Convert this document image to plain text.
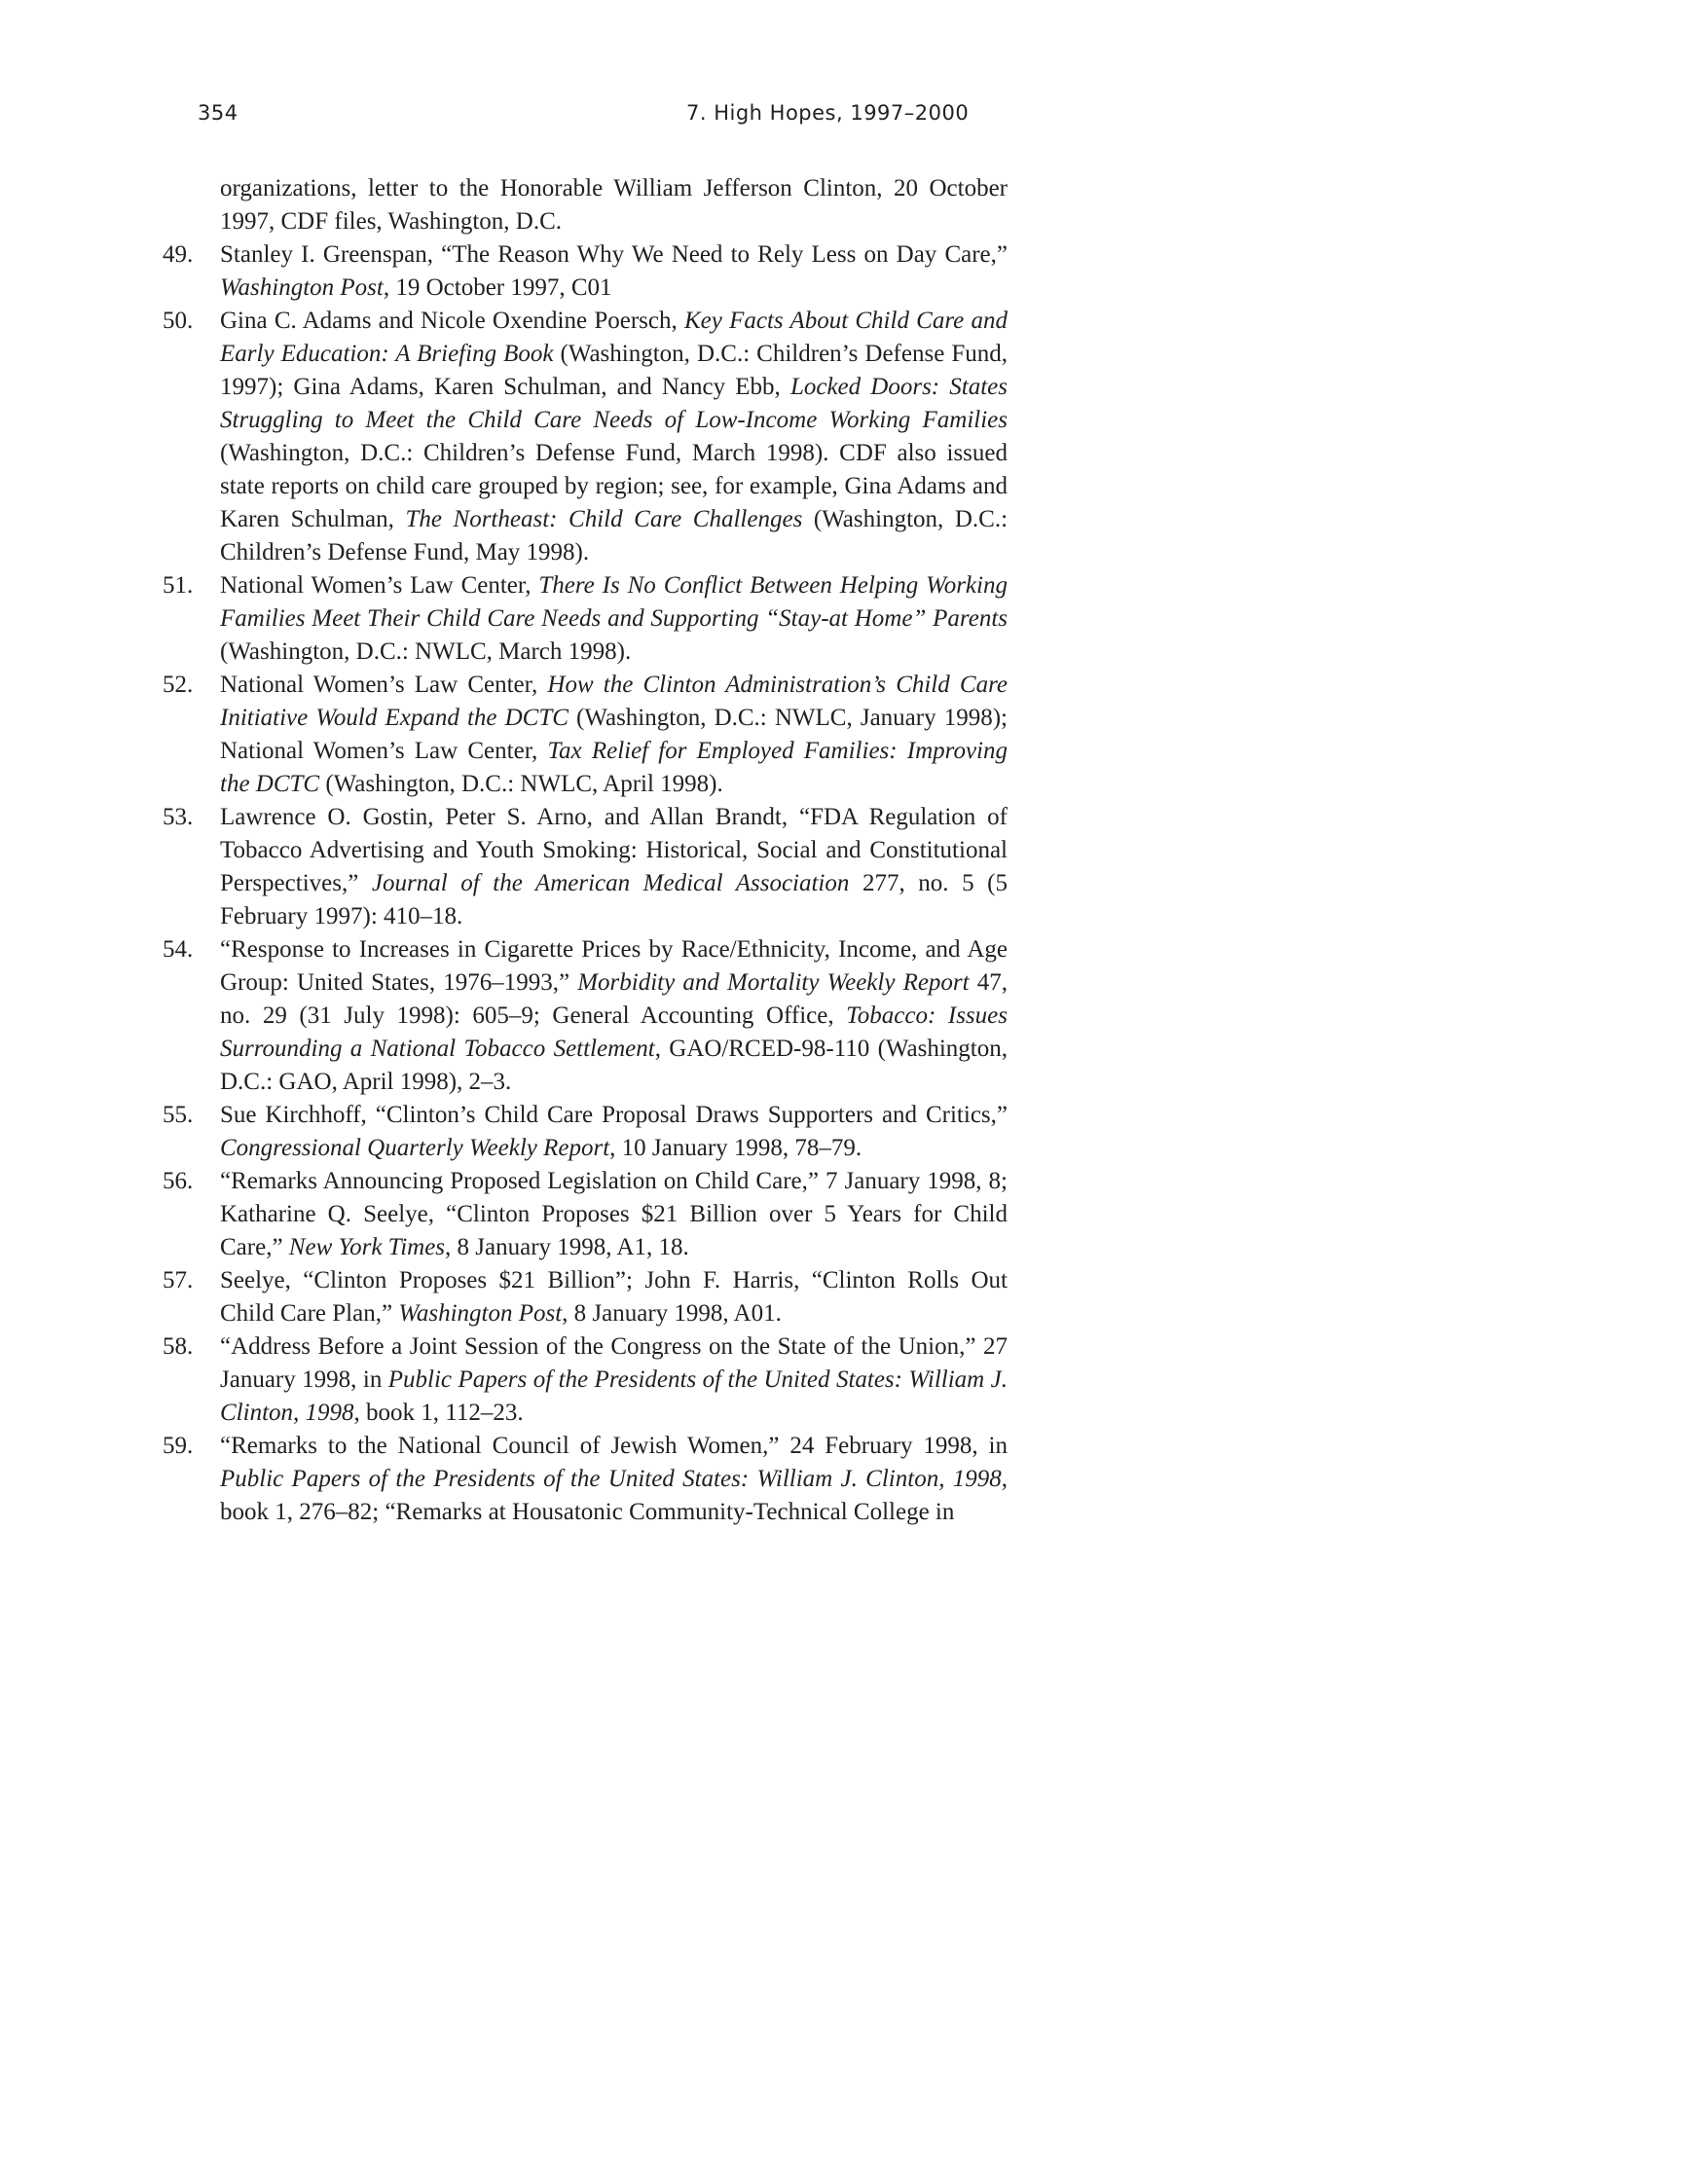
354	7. High Hopes, 1997–2000
organizations, letter to the Honorable William Jefferson Clinton, 20 October 1997, CDF files, Washington, D.C.
49. Stanley I. Greenspan, “The Reason Why We Need to Rely Less on Day Care,” Washington Post, 19 October 1997, C01
50. Gina C. Adams and Nicole Oxendine Poersch, Key Facts About Child Care and Early Education: A Briefing Book (Washington, D.C.: Children’s Defense Fund, 1997); Gina Adams, Karen Schulman, and Nancy Ebb, Locked Doors: States Struggling to Meet the Child Care Needs of Low-Income Working Families (Washington, D.C.: Children’s Defense Fund, March 1998). CDF also issued state reports on child care grouped by region; see, for example, Gina Adams and Karen Schulman, The Northeast: Child Care Challenges (Washington, D.C.: Children’s Defense Fund, May 1998).
51. National Women’s Law Center, There Is No Conflict Between Helping Working Families Meet Their Child Care Needs and Supporting “Stay-at Home” Parents (Washington, D.C.: NWLC, March 1998).
52. National Women’s Law Center, How the Clinton Administration’s Child Care Initiative Would Expand the DCTC (Washington, D.C.: NWLC, January 1998); National Women’s Law Center, Tax Relief for Employed Families: Improving the DCTC (Washington, D.C.: NWLC, April 1998).
53. Lawrence O. Gostin, Peter S. Arno, and Allan Brandt, “FDA Regulation of Tobacco Advertising and Youth Smoking: Historical, Social and Constitutional Perspectives,” Journal of the American Medical Association 277, no. 5 (5 February 1997): 410–18.
54. “Response to Increases in Cigarette Prices by Race/Ethnicity, Income, and Age Group: United States, 1976–1993,” Morbidity and Mortality Weekly Report 47, no. 29 (31 July 1998): 605–9; General Accounting Office, Tobacco: Issues Surrounding a National Tobacco Settlement, GAO/RCED-98-110 (Washington, D.C.: GAO, April 1998), 2–3.
55. Sue Kirchhoff, “Clinton’s Child Care Proposal Draws Supporters and Critics,” Congressional Quarterly Weekly Report, 10 January 1998, 78–79.
56. “Remarks Announcing Proposed Legislation on Child Care,” 7 January 1998, 8; Katharine Q. Seelye, “Clinton Proposes $21 Billion over 5 Years for Child Care,” New York Times, 8 January 1998, A1, 18.
57. Seelye, “Clinton Proposes $21 Billion”; John F. Harris, “Clinton Rolls Out Child Care Plan,” Washington Post, 8 January 1998, A01.
58. “Address Before a Joint Session of the Congress on the State of the Union,” 27 January 1998, in Public Papers of the Presidents of the United States: William J. Clinton, 1998, book 1, 112–23.
59. “Remarks to the National Council of Jewish Women,” 24 February 1998, in Public Papers of the Presidents of the United States: William J. Clinton, 1998, book 1, 276–82; “Remarks at Housatonic Community-Technical College in
